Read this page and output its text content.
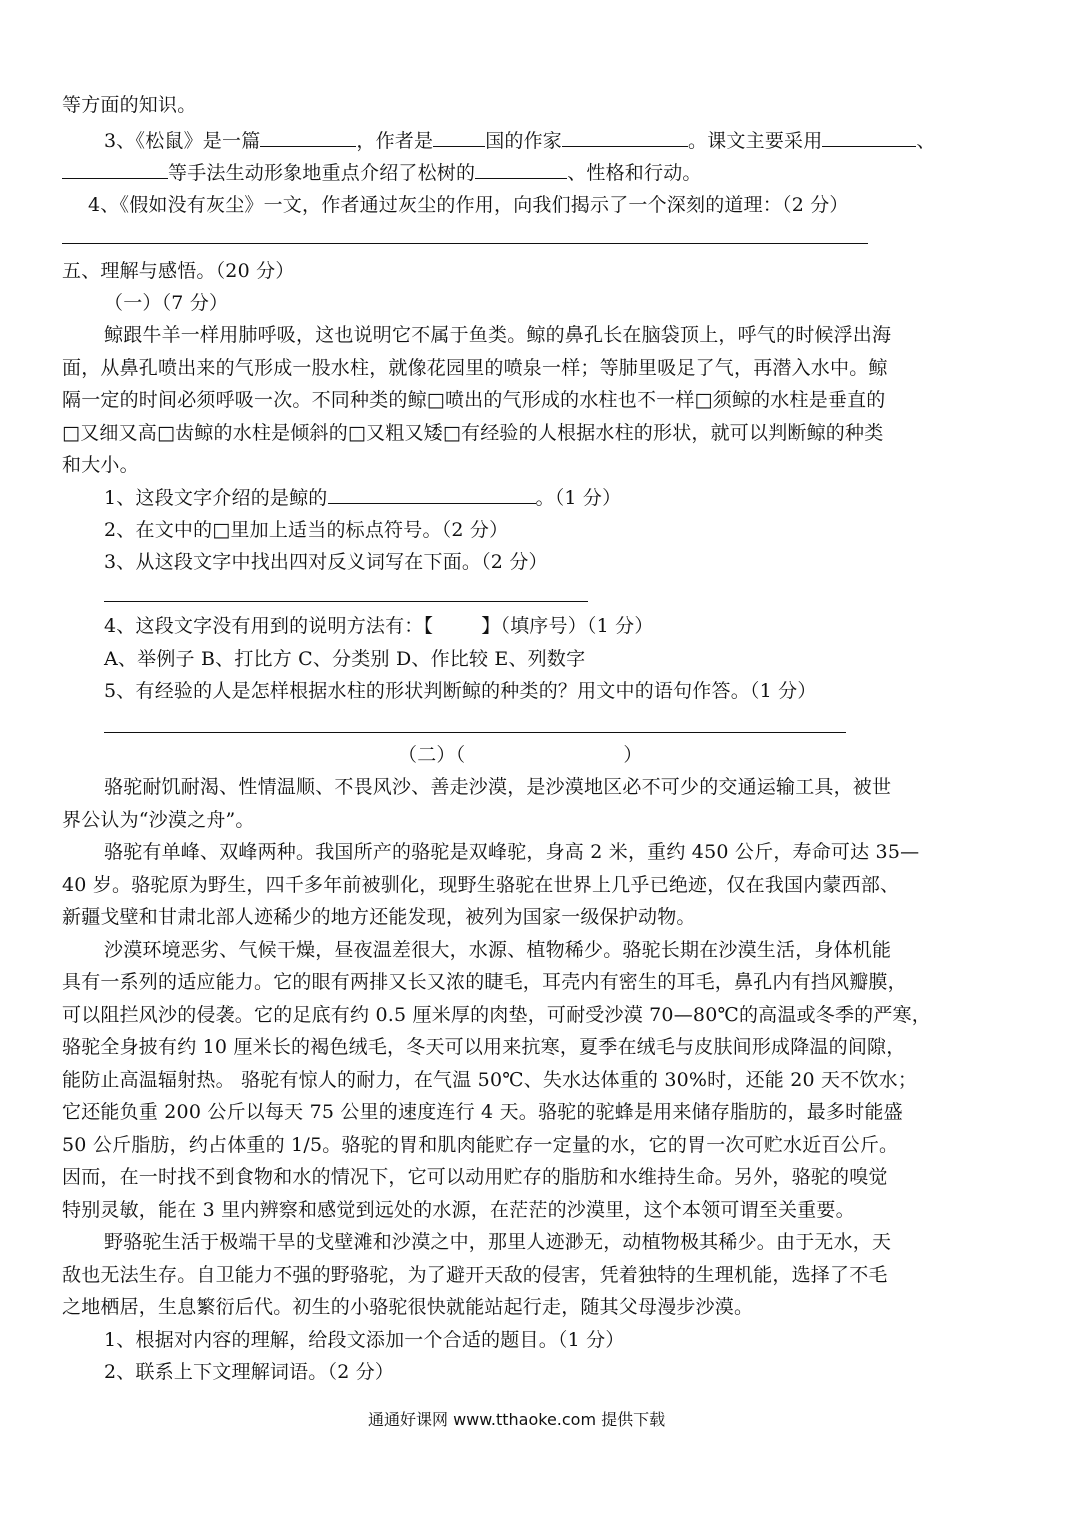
等方面的知识。
3、《松鼠》是一篇	，作者是	国的作家	。课文主要采用	、
等手法生动形象地重点介绍了松树的	、性格和行动。
4、《假如没有灰尘》一文，作者通过灰尘的作用，向我们揭示了一个深刻的道理：（2 分）
五、理解与感悟。（20 分）
（一）（7 分）
鲸跟牛羊一样用肺呼吸，这也说明它不属于鱼类。鲸的鼻孔长在脑袋顶上，呼气的时候浮出海
面，从鼻孔喷出来的气形成一股水柱，就像花园里的喷泉一样；等肺里吸足了气，再潜入水中。鲸
隔一定的时间必须呼吸一次。不同种类的鲸□喷出的气形成的水柱也不一样□须鲸的水柱是垂直的
□又细又高□齿鲸的水柱是倾斜的□又粗又矮□有经验的人根据水柱的形状，就可以判断鲸的种类
和大小。
1、这段文字介绍的是鲸的	。（1 分）
2、在文中的□里加上适当的标点符号。（2 分）
3、从这段文字中找出四对反义词写在下面。（2 分）
4、这段文字没有用到的说明方法有：【	】（填序号）（1 分）
A、举例子 B、打比方 C、分类别 D、作比较 E、列数字
5、有经验的人是怎样根据水柱的形状判断鲸的种类的？用文中的语句作答。（1 分）
（二）（	）
骆驼耐饥耐渴、性情温顺、不畏风沙、善走沙漠，是沙漠地区必不可少的交通运输工具，被世
界公认为“沙漠之舟”。
骆驼有单峰、双峰两种。我国所产的骆驼是双峰驼，身高 2 米，重约 450 公斤，寿命可达 35—
40 岁。骆驼原为野生，四千多年前被驯化，现野生骆驼在世界上几乎已绝迹，仅在我国内蒙西部、
新疆戈壁和甘肃北部人迹稀少的地方还能发现，被列为国家一级保护动物。
沙漠环境恶劣、气候干燥，昼夜温差很大，水源、植物稀少。骆驼长期在沙漠生活，身体机能
具有一系列的适应能力。它的眼有两排又长又浓的睫毛，耳壳内有密生的耳毛，鼻孔内有挡风瓣膜，
可以阻拦风沙的侵袭。它的足底有约 0.5 厘米厚的肉垫，可耐受沙漠 70—80℃的高温或冬季的严寒，
骆驼全身披有约 10 厘米长的褐色绒毛，冬天可以用来抗寒，夏季在绒毛与皮肤间形成降温的间隙，
能防止高温辐射热。 骆驼有惊人的耐力，在气温 50℃、失水达体重的 30%时，还能 20 天不饮水；
它还能负重 200 公斤以每天 75 公里的速度连行 4 天。骆驼的驼蜂是用来储存脂肪的，最多时能盛
50 公斤脂肪，约占体重的 1/5。骆驼的胃和肌肉能贮存一定量的水，它的胃一次可贮水近百公斤。
因而，在一时找不到食物和水的情况下，它可以动用贮存的脂肪和水维持生命。另外，骆驼的嗅觉
特别灵敏，能在 3 里内辨察和感觉到远处的水源，在茫茫的沙漠里，这个本领可谓至关重要。
野骆驼生活于极端干旱的戈壁滩和沙漠之中，那里人迹渺无，动植物极其稀少。由于无水，天
敌也无法生存。自卫能力不强的野骆驼，为了避开天敌的侵害，凭着独特的生理机能，选择了不毛
之地栖居，生息繁衍后代。初生的小骆驼很快就能站起行走，随其父母漫步沙漠。
1、根据对内容的理解，给段文添加一个合适的题目。（1 分）
2、联系上下文理解词语。（2 分）
通通好课网 www.tthaoke.com 提供下载
